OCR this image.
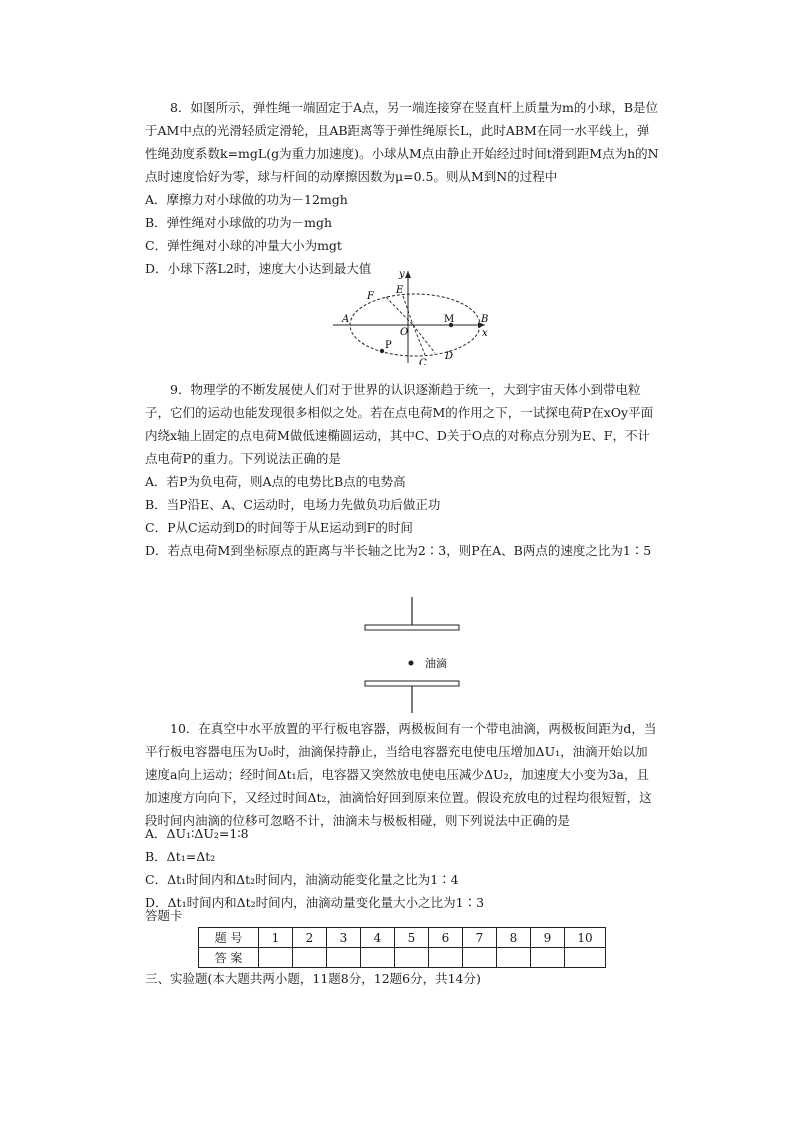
8．如图所示，弹性绳一端固定于A点，另一端连接穿在竖直杆上质量为m的小球，B是位于AM中点的光滑轻质定滑轮，且AB距离等于弹性绳原长L，此时ABM在同一水平线上，弹性绳劲度系数k=mgL(g为重力加速度)。小球从M点由静止开始经过时间t滑到距M点为h的N点时速度恰好为零，球与杆间的动摩擦因数为μ=0.5。则从M到N的过程中

A．摩擦力对小球做的功为－12mgh
B．弹性绳对小球做的功为－mgh
C．弹性绳对小球的冲量大小为mgt
D．小球下落L2时，速度大小达到最大值	y
x
A	B
M
O
E
F
P
C
D

9．物理学的不断发展使人们对于世界的认识逐渐趋于统一，大到宇宙天体小到带电粒子，它们的运动也能发现很多相似之处。若在点电荷M的作用之下，一试探电荷P在xOy平面内绕x轴上固定的点电荷M做低速椭圆运动，其中C、D关于O点的对称点分别为E、F，不计点电荷P的重力。下列说法正确的是

A．若P为负电荷，则A点的电势比B点的电势高
B．当P沿E、A、C运动时，电场力先做负功后做正功
C．P从C运动到D的时间等于从E运动到F的时间

D．若点电荷M到坐标原点的距离与半长轴之比为2∶3，则P在A、B两点的速度之比为1∶5

油滴

10．在真空中水平放置的平行板电容器，两极板间有一个带电油滴，两极板间距为d，当平行板电容器电压为U₀时，油滴保持静止，当给电容器充电使电压增加ΔU₁，油滴开始以加速度a向上运动；经时间Δt₁后，电容器又突然放电使电压减少ΔU₂，加速度大小变为3a，且加速度方向向下，又经过时间Δt₂，油滴恰好回到原来位置。假设充放电的过程均很短暂，这段时间内油滴的位移可忽略不计，油滴未与极板相碰，则下列说法中正确的是

A．ΔU₁∶ΔU₂=1∶8
B．Δt₁=Δt₂
C．Δt₁时间内和Δt₂时间内，油滴动能变化量之比为1∶4
D．Δt₁时间内和Δt₂时间内，油滴动量变化量大小之比为1∶3
答题卡
题 号	1	2	3	4	5	6	7	8	9	10
答 案										
三、实验题(本大题共两小题，11题8分，12题6分，共14分)
